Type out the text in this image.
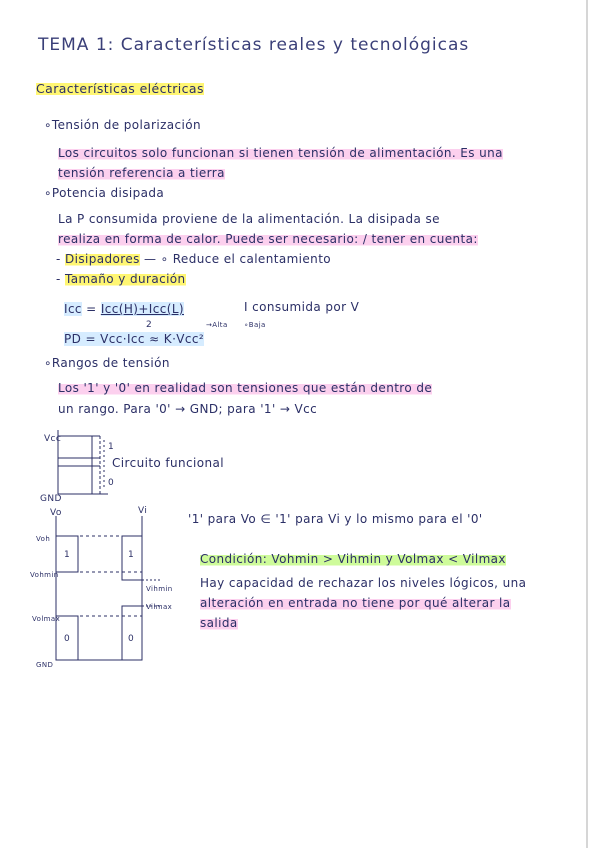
TEMA 1: Características reales y tecnológicas
Características eléctricas
∘Tensión de polarización
Los circuitos solo funcionan si tienen tensión de alimentación. Es una
tensión referencia a tierra
∘Potencia disipada
La P consumida proviene de la alimentación. La disipada se
realiza en forma de calor. Puede ser necesario: / tener en cuenta:
- Disipadores — ∘ Reduce el calentamiento
- Tamaño y duración
Icc = Icc(H)+Icc(L)
2
I consumida por V
→Alta ∘Baja
PD = Vcc·Icc ≈ K·Vcc²
∘Rangos de tensión
Los '1' y '0' en realidad son tensiones que están dentro de
un rango. Para '0' → GND; para '1' → Vcc
Vcc
GND
1
0
Circuito funcional
Vo	Vi
Voh
Vohmin
Volmax
GND
Vihmin
Vilmax
1
0
1
0
'1' para Vo ∈ '1' para Vi y lo mismo para el '0'
Condición: Vohmin > Vihmin y Volmax < Vilmax
Hay capacidad de rechazar los niveles lógicos, una
alteración en entrada no tiene por qué alterar la
salida
